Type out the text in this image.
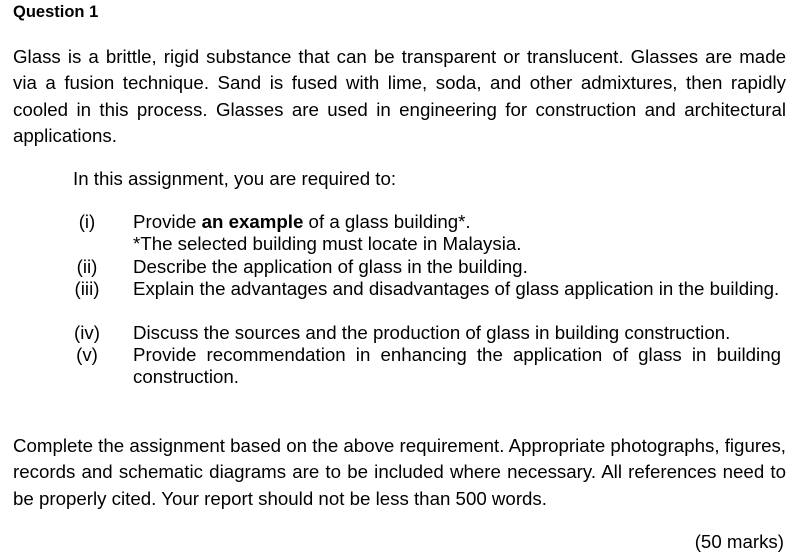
Question 1
Glass is a brittle, rigid substance that can be transparent or translucent. Glasses are made via a fusion technique. Sand is fused with lime, soda, and other admixtures, then rapidly cooled in this process. Glasses are used in engineering for construction and architectural applications.
In this assignment, you are required to:
(i)	Provide an example of a glass building*.
*The selected building must locate in Malaysia.
(ii) Describe the application of glass in the building.
(iii) Explain the advantages and disadvantages of glass application in the building.
(iv) Discuss the sources and the production of glass in building construction.
(v) Provide recommendation in enhancing the application of glass in building construction.
Complete the assignment based on the above requirement. Appropriate photographs, figures, records and schematic diagrams are to be included where necessary. All references need to be properly cited. Your report should not be less than 500 words.
(50 marks)
